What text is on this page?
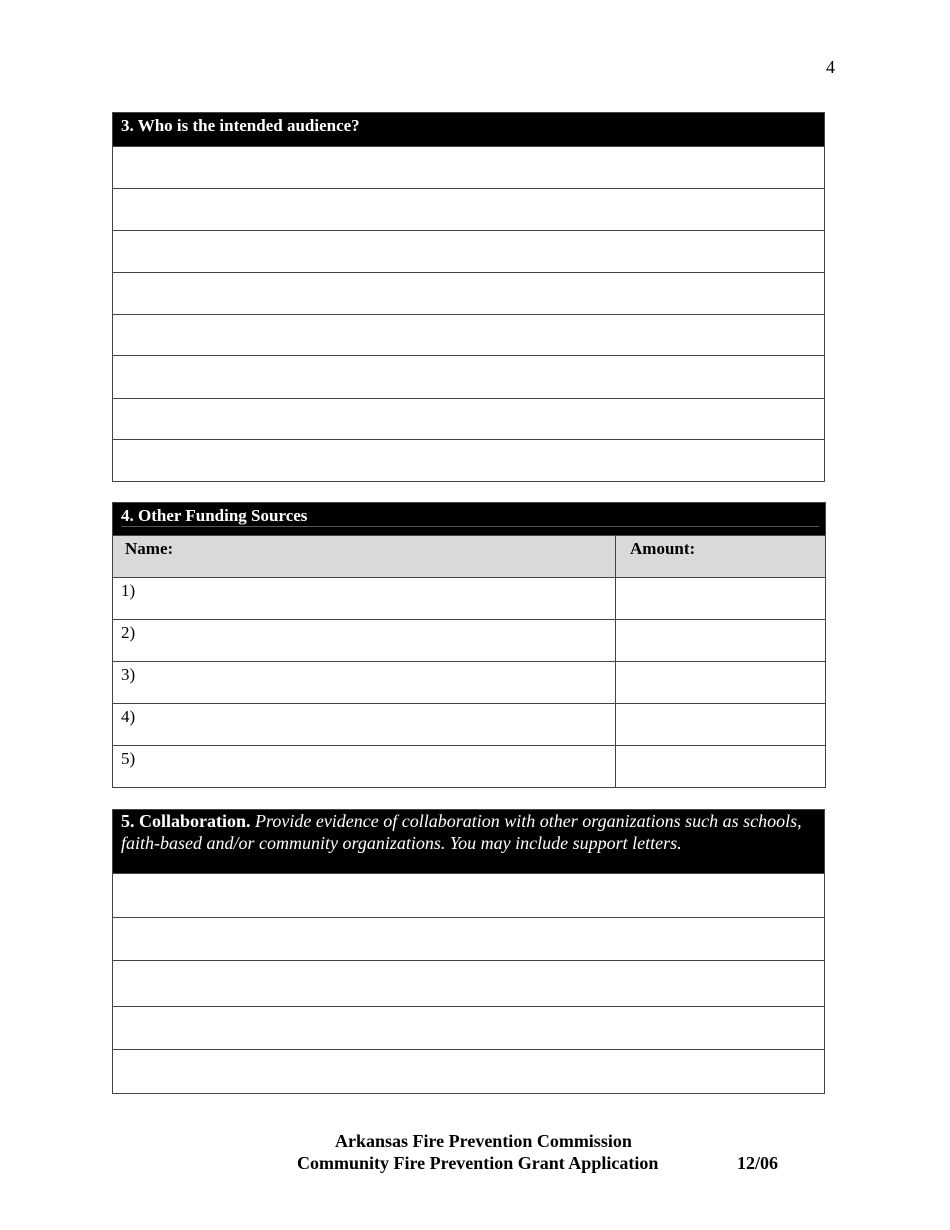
4
3. Who is the intended audience?

4. Other Funding Sources	

Name:	Amount:

1)	

2)	

3)	

4)	

5)	

5. Collaboration. Provide evidence of collaboration with other organizations such as schools, faith-based and/or community organizations. You may include support letters.

Arkansas Fire Prevention Commission
Community Fire Prevention Grant Application	12/06
